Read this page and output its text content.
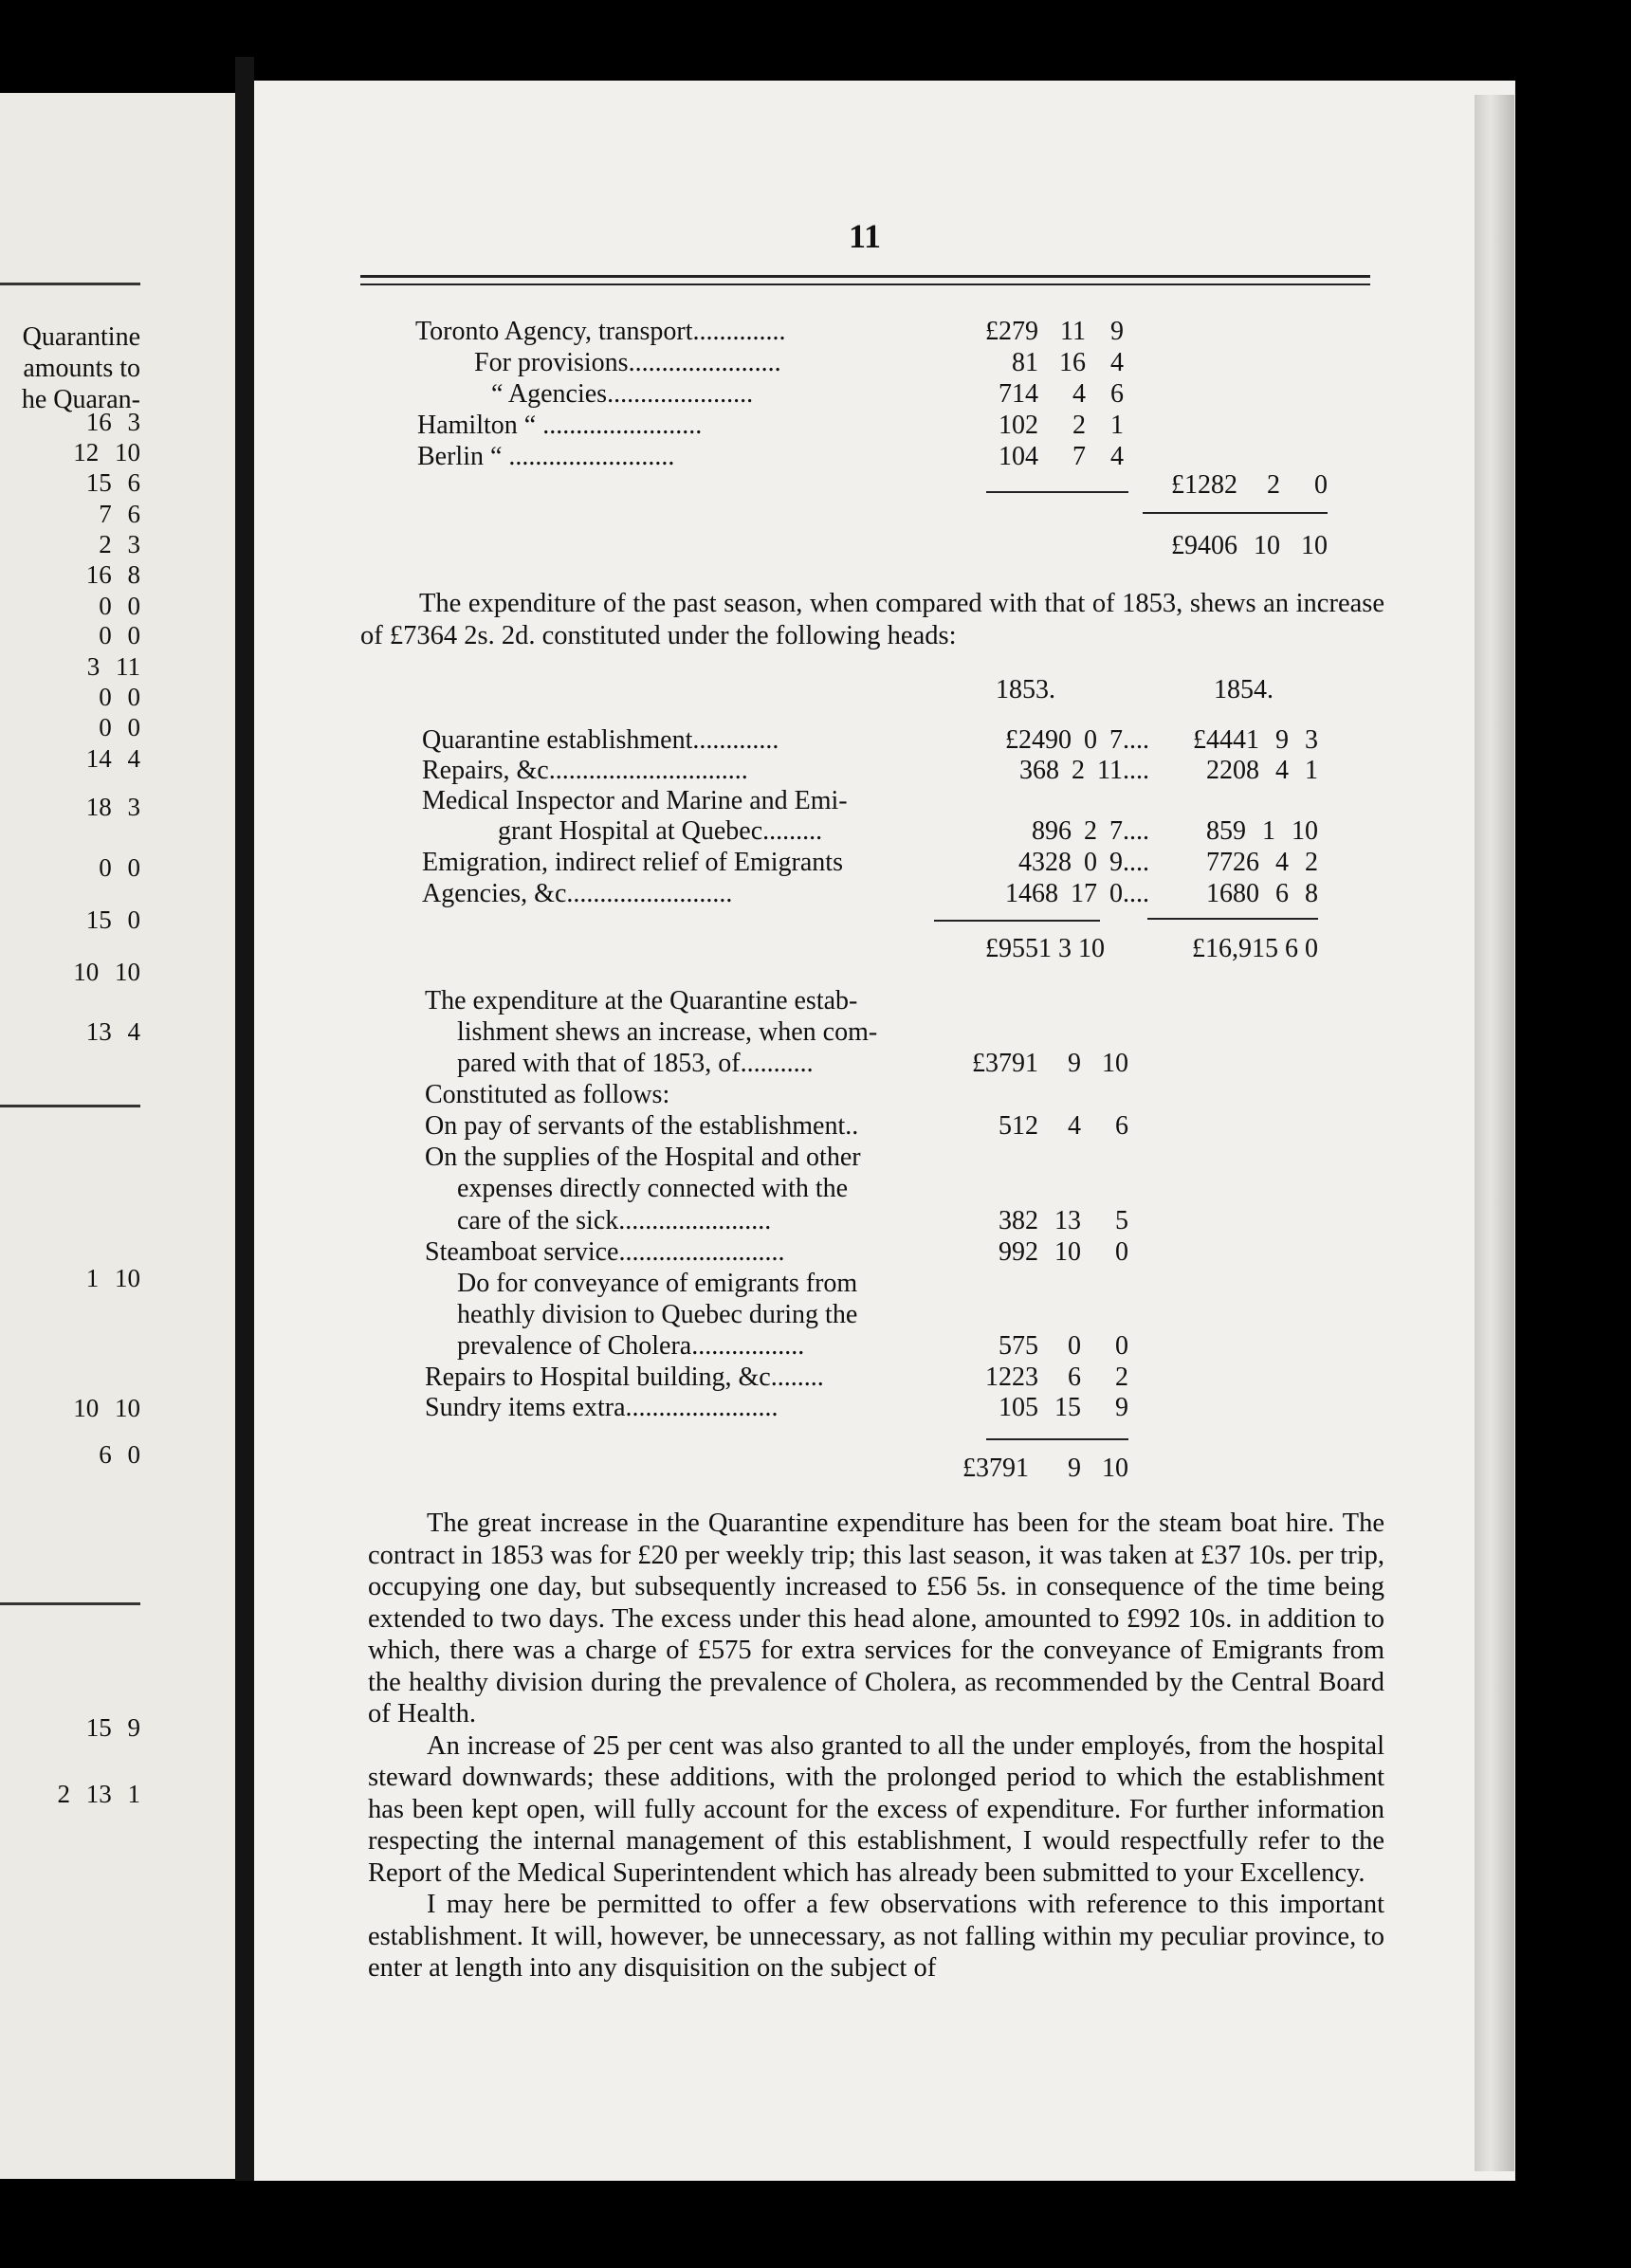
Quarantine
amounts to
he Quaran-
16 3
12 10
15 6
7 6
2 3
16 8
0 0
0 0
3 11
0 0
0 0
14 4
18 3
0 0
15 0
10 10
13 4
1 10
10 10
6 0
15 9
2 13 1
11
Toronto Agency, transport..............	£279 11 9
For provisions.......................	81 16 4
“ Agencies......................	714	4 6
Hamilton “ ........................	102	2 1
Berlin “ .........................	104	7 4
£1282	2	0
£9406 10 10
The expenditure of the past season, when compared with that of 1853, shews an increase of £7364 2s. 2d. constituted under the following heads:
1853.	1854.
Quarantine establishment.............	£2490 0 7....	£4441 9 3
Repairs, &c..............................	368 2 11....	2208 4 1
Medical Inspector and Marine and Emi-
grant Hospital at Quebec.........	896 2 7....	859 1 10
Emigration, indirect relief of Emigrants	4328 0 9....	7726 4 2
Agencies, &c.........................	1468 17 0....	1680 6 8
£9551 3 10	£16,915 6 0
The expenditure at the Quarantine estab-
lishment shews an increase, when com-
pared with that of 1853, of...........	£3791	9 10
Constituted as follows:
On pay of servants of the establishment..	512	4	6
On the supplies of the Hospital and other
expenses directly connected with the
care of the sick.......................	382 13	5
Steamboat service.........................	992 10	0
Do for conveyance of emigrants from
heathly division to Quebec during the
prevalence of Cholera.................	575	0	0
Repairs to Hospital building, &c........	1223	6	2
Sundry items extra.......................	105 15	9
£3791	9 10

The great increase in the Quarantine expenditure has been for the steam boat hire. The contract in 1853 was for £20 per weekly trip; this last season, it was taken at £37 10s. per trip, occupying one day, but subsequently increased to £56 5s. in consequence of the time being extended to two days. The excess under this head alone, amounted to £992 10s. in addition to which, there was a charge of £575 for extra services for the conveyance of Emigrants from the healthy division during the prevalence of Cholera, as recommended by the Central Board of Health.

An increase of 25 per cent was also granted to all the under employés, from the hospital steward downwards; these additions, with the prolonged period to which the establishment has been kept open, will fully account for the excess of expenditure. For further information respecting the internal management of this establishment, I would respectfully refer to the Report of the Medical Superintendent which has already been submitted to your Excellency.

I may here be permitted to offer a few observations with reference to this important establishment. It will, however, be unnecessary, as not falling within my peculiar province, to enter at length into any disquisition on the subject of
